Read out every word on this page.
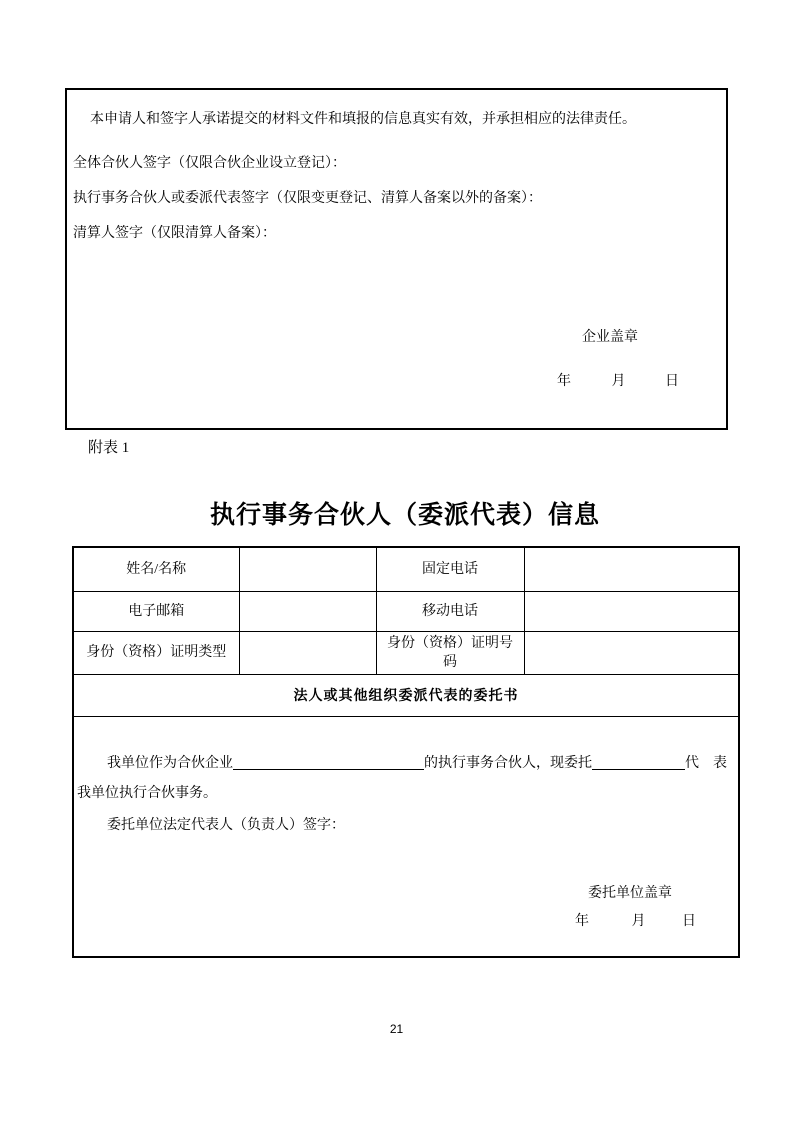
本申请人和签字人承诺提交的材料文件和填报的信息真实有效，并承担相应的法律责任。
全体合伙人签字（仅限合伙企业设立登记）：
执行事务合伙人或委派代表签字（仅限变更登记、清算人备案以外的备案）：
清算人签字（仅限清算人备案）：
企业盖章
年	月	日
附表 1
执行事务合伙人（委派代表）信息
姓名/名称		固定电话	
电子邮箱		移动电话	
身份（资格）证明类型		身份（资格）证明号码	
法人或其他组织委派代表的委托书			

我单位作为合伙企业 的执行事务合伙人，现委托 代　表
我单位执行合伙事务。
委托单位法定代表人（负责人）签字：
委托单位盖章
年 月 日			
21
